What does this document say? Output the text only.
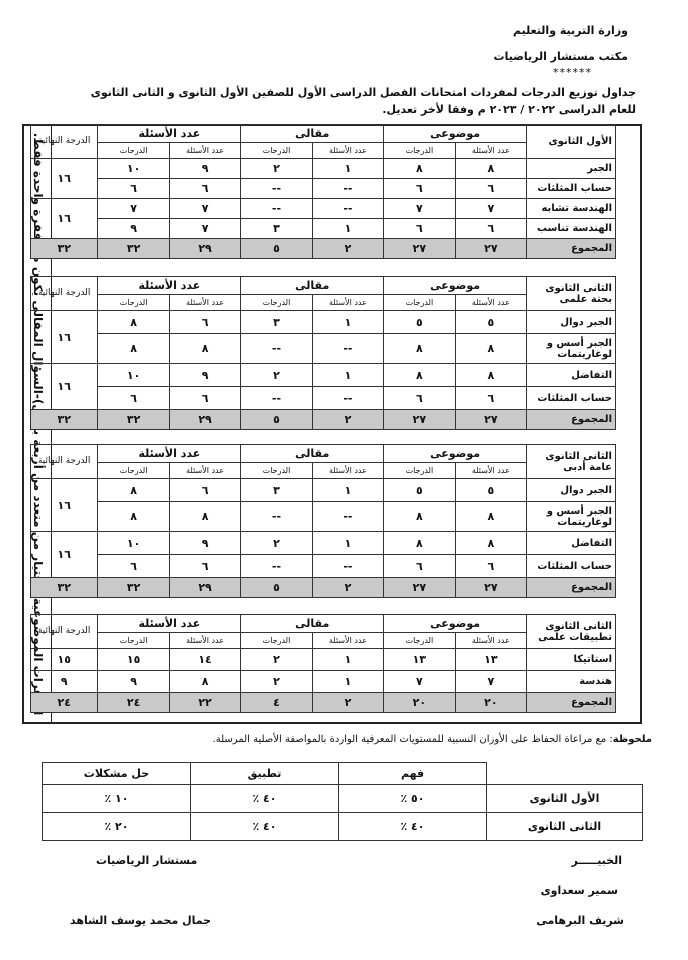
وزارة التربية والتعليم
مكتب مستشار الرياضيات
******
جداول توزيع الدرجات لمفردات امتحانات الفصل الدراسى الأول للصفين الأول الثانوى و الثانى الثانوى
للعام الدراسى ٢٠٢٢ / ٢٠٢٣ م وفقا لأخر تعديل.
الأول الثانوى	موضوعى		مقالى		عدد الأسئلة		الدرجة النهائية
	عدد الأسئلة	الدرجات	عدد الأسئلة	الدرجات	عدد الأسئلة	الدرجات	
الجبر	٨	٨	١	٢	٩	١٠	١٦
حساب المثلثات	٦	٦	--	--	٦	٦	
الهندسة تشابه	٧	٧	--	--	٧	٧	١٦
الهندسة تناسب	٦	٦	١	٣	٧	٩	
المجموع	٢٧	٢٧	٢	٥	٢٩	٣٢	٣٢
الثانى الثانوى بحتة علمى	موضوعى		مقالى		عدد الأسئلة		الدرجة النهائية
	عدد الأسئلة	الدرجات	عدد الأسئلة	الدرجات	عدد الأسئلة	الدرجات	
الجبر دوال	٥	٥	١	٣	٦	٨	١٦
الجبر أسس و لوغاريتمات	٨	٨	--	--	٨	٨	
التفاضل	٨	٨	١	٢	٩	١٠	١٦
حساب المثلثات	٦	٦	--	--	٦	٦	
المجموع	٢٧	٢٧	٢	٥	٢٩	٣٢	٣٢
الثانى الثانوى عامة أدبى	موضوعى		مقالى		عدد الأسئلة		الدرجة النهائية
	عدد الأسئلة	الدرجات	عدد الأسئلة	الدرجات	عدد الأسئلة	الدرجات	
الجبر دوال	٥	٥	١	٣	٦	٨	١٦
الجبر أسس و لوغاريتمات	٨	٨	--	--	٨	٨	
التفاضل	٨	٨	١	٢	٩	١٠	١٦
حساب المثلثات	٦	٦	--	--	٦	٦	
المجموع	٢٧	٢٧	٢	٥	٢٩	٣٢	٣٢
الثانى الثانوى تطبيقات علمى	موضوعى		مقالى		عدد الأسئلة		الدرجة النهائية
	عدد الأسئلة	الدرجات	عدد الأسئلة	الدرجات	عدد الأسئلة	الدرجات	
استاتيكا	١٣	١٣	١	٢	١٤	١٥	١٥
هندسة	٧	٧	١	٢	٨	٩	٩
المجموع	٢٠	٢٠	٢	٤	٢٢	٢٤	٢٤
ملحوظة: مع مراعاة الحفاظ على الأوزان النسبية للمستويات المعرفية الواردة بالمواصفة الأصلية المرسلة.
	فهم	تطبيق	حل مشكلات
الأول الثانوى	٥٠ ٪	٤٠ ٪	١٠ ٪
الثانى الثانوى	٤٠ ٪	٤٠ ٪	٢٠ ٪
الخبيـــــر
مستشار الرياضيات
سمير سعداوى
شريف البرهامى
جمال محمد يوسف الشاهد
